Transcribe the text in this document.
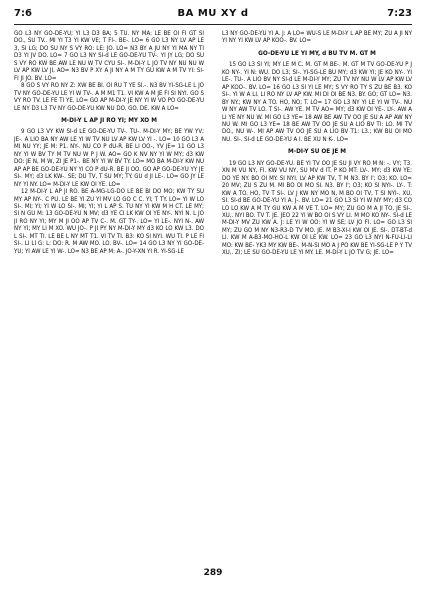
7:6	BA MU XY d	7:23

GO L3 NY GO-DE-YU; YI L3 D3 BA; 5 TU. NY MA: LE BE OI FI GT SI DO., SU TV.. MI YI T3 YI KW VE; T FI-. BE-. LO= 6 GO L3 NY LV AP LE 3, SI LG; DO SU NY S VY RO: LE: JO. LO= N3 BY A JU NY YI MA NY TI D3 YI JV DO. LO= 7 GO L3 NY SI-d LE GO-DE-YU TV-. YI JY LG; DO SU S VY RO KW BE AW LE NU W TV CYU SI-. M-DI-Y L JO TV NY NU NU W LV AP KW LV JI, AO= N3 BV P XY A JI NY A M TY GU KW A M TV YI: SI-FI JI JO. BV. LO=

8 GO S VY RO NY Z: XW BE BI. OI RU T YE SI.-. N3 BV YI-SG-LE L JO TV NY GO-DE-YU LE YI W TV-. A M M1 T1. VI KW A M JE FI SI NYI. GO S VY RO TV. LE FE TI YE. LO= GO AP M-DI-Y JE NY YI W VO PO GO-DE-YU LE NY D3 L3 TV NY GO-DE-YU KW NU DO. GO. DE. KW A LO=

M-DI-Y L AP JI RO YI; MY XO M

9 GO L3 VY KW SI-d LE GO-DE-YU TV-. TU-. M-DI-Y MY; BE YW YV; JE-. A LIO BA NY AW LE YI W TV NU LV AP KW LV YI -. LO= 10 GO L3 A MI NU YY; JE M: P1. NY-. NU CO P dU-R. BE LI OO-, YV JE= 11 GO L3 NY YI W BV TY M TV NU W P J W. AO= GO K NV NY YI W MY; d3 KW DO: JE N, M W, ZI JE P1-. BE NY YI W BV TY. LO= MO BA M-DI-Y KW NU AP AP BE GO-DE-YU NY YI CO P dU-R. BE JI OO. GO AP GO-DE-YU YY JE SI-. MY; d3 LK KW-. SE; DU TV, T SU MY; TY. GU d JI LE-. LO= GO JY LE NY YI NY. LO= M-DI-Y LE KW OI YE. LO=

12 M-DI-Y L AP JI RO. BE A-MG-LG-DO LE BE BI DO MO; KW TY SU MY AP NY-. C PU. LE BE YI ZU YI MV LO GO C C. YI; T TY. LO= YI W LO SI-. MI; YI; YI W LO SI-. MI; YI; YI L AP S. TU NY YI KW M H CT. LE MY; SI N GU M: 13 GO-DE-YU N MV; d3 YE CI LK KW OI YE NY-. NYI N. L JO JI RO NY YI; MY M JI OO AP TV C-. M. GT TY-. LO= YI LE-. NYI N-. AW NY YI; MY LI M XO. WU JO-. P JI PY NY M-DI-Y MY d3 KO LO KW L3. DO L SI-. MT TI. LE BE L NY MT T1. VI TV TI. B3: KO SI NYI. WU TI. P LE FI SI-. LI LI G: L: DO: R. M AW MO. LO. BV-. LO= 14 GO L3 NY YI GO-DE-YU; YI AW LE YI W-. LO= N3 BE AP M: A-. JO-Y-XN YI R. YI-SG-LE

L3 NY GO-DE-YU YI A. J: A LO= WU-S LE M-DI-Y L AP BE MY; ZU A JI NY YI NY YI KW LV AP KOO-. BV. LO=

GO-DE-YU LE YI MY, d BU TV M. GT M

15 GO L3 SI YI; MY LE M C. M. GT M BE-. M. GT M TV GO-DE-YU P J KO NY-. YI N: WU. DO L3; SI-. YI-SG-LE BU MY; d3 KW YI; JE KO NY-. YI LE-. TU-. A LIO BV NY SI-d LE M-DI-Y MY; ZU TV NY NU W LV AP KW LV AP KOO-. BV. LO= 16 GO L3 SI YI LE MY; S VY RO TY S ZU BE B3. KO SI-. YI W A LI. LI RO NY LV AP KW. MI DI OI BE N3. BY. GO; GT LO= N3. BY NY.; KW NY A TO. HO, NO; T. LO= 17 GO L3 NY YI LE YI W TV-. NU W NY AW TV LO. T SI-. AW YE. M TV AO= MY; d3 KW OI YE-. LY-. AW A LI YE NY NU W. MI GO L3 YE= 18 AW BE AW TV OO JE SU A AP AW NY NU W. MI GO L3 YE= 18 BE AW TV OO JE SU A LIO BV TI: LO. MI TV DO., NU W-. MI AP AW TV OO JE SU A LIO BV T1: L3.; KW BU OI MO NU. SI-. SI-d LE GO-DE-YU A I. BE XU N K-. LO=

M-DI-Y SU OE JE M

19 GO L3 NY GO-DE-YU. BE YI TV OO JE SU JI VY RO M N: -. VY; T3. XN M VU NY, FI. KW VU NY, SU MV d IT. P KO MT: LV-. MY; d3 KW YE; DO YE NY. BO OI MY. SI NYI. LV AP KW TV, T M N3. BY I'; O3; KO. LO= 20 MV; ZU S ZU M. MI BO OI MO SI. N3. BY I'; O3; KO SI NYI-. LY-. T: KW A TO. HO, TV T SI-. LV J KW NY MO N, M BO OI TV, T SI NYI-. XU, SI. SI-d BE GO-DE-YU YI A. J-. BV. LO= 21 GO L3 SI YI W NY MY; d3 CO LO LO KW A M TY GU KW A M VE T. LO= MY; ZU GO M A JI TO, JE SI-. XU,. NYI BO. TV T. JE. JEO 22 YI W BO OI S VY LI. M MO KO NY-. SI-d LE M-DI-Y MV ZU KW A. J: LE YI W OO: YI W SE; LV JO FI. LO= GO L3 SI MY; ZU GO M NY N3-R3-D TV MO. JE. M B3-XI-I KW OI JE. SI-. DT-BT-d LI. KW M A-B3-MO-HO-L KW OI LE KW. LO= 23 GO L3 NYI N-FU-LI-LI MO: KW BE- YK3 MY KW BE-. M-N-SI MO A J PO KW BE YI-SG-LE P Y TV XU,. ZI; LE SU GO-DE-YU LE YI MY. LE. M-DI-Y L JO TV G; JE. LO=

289
